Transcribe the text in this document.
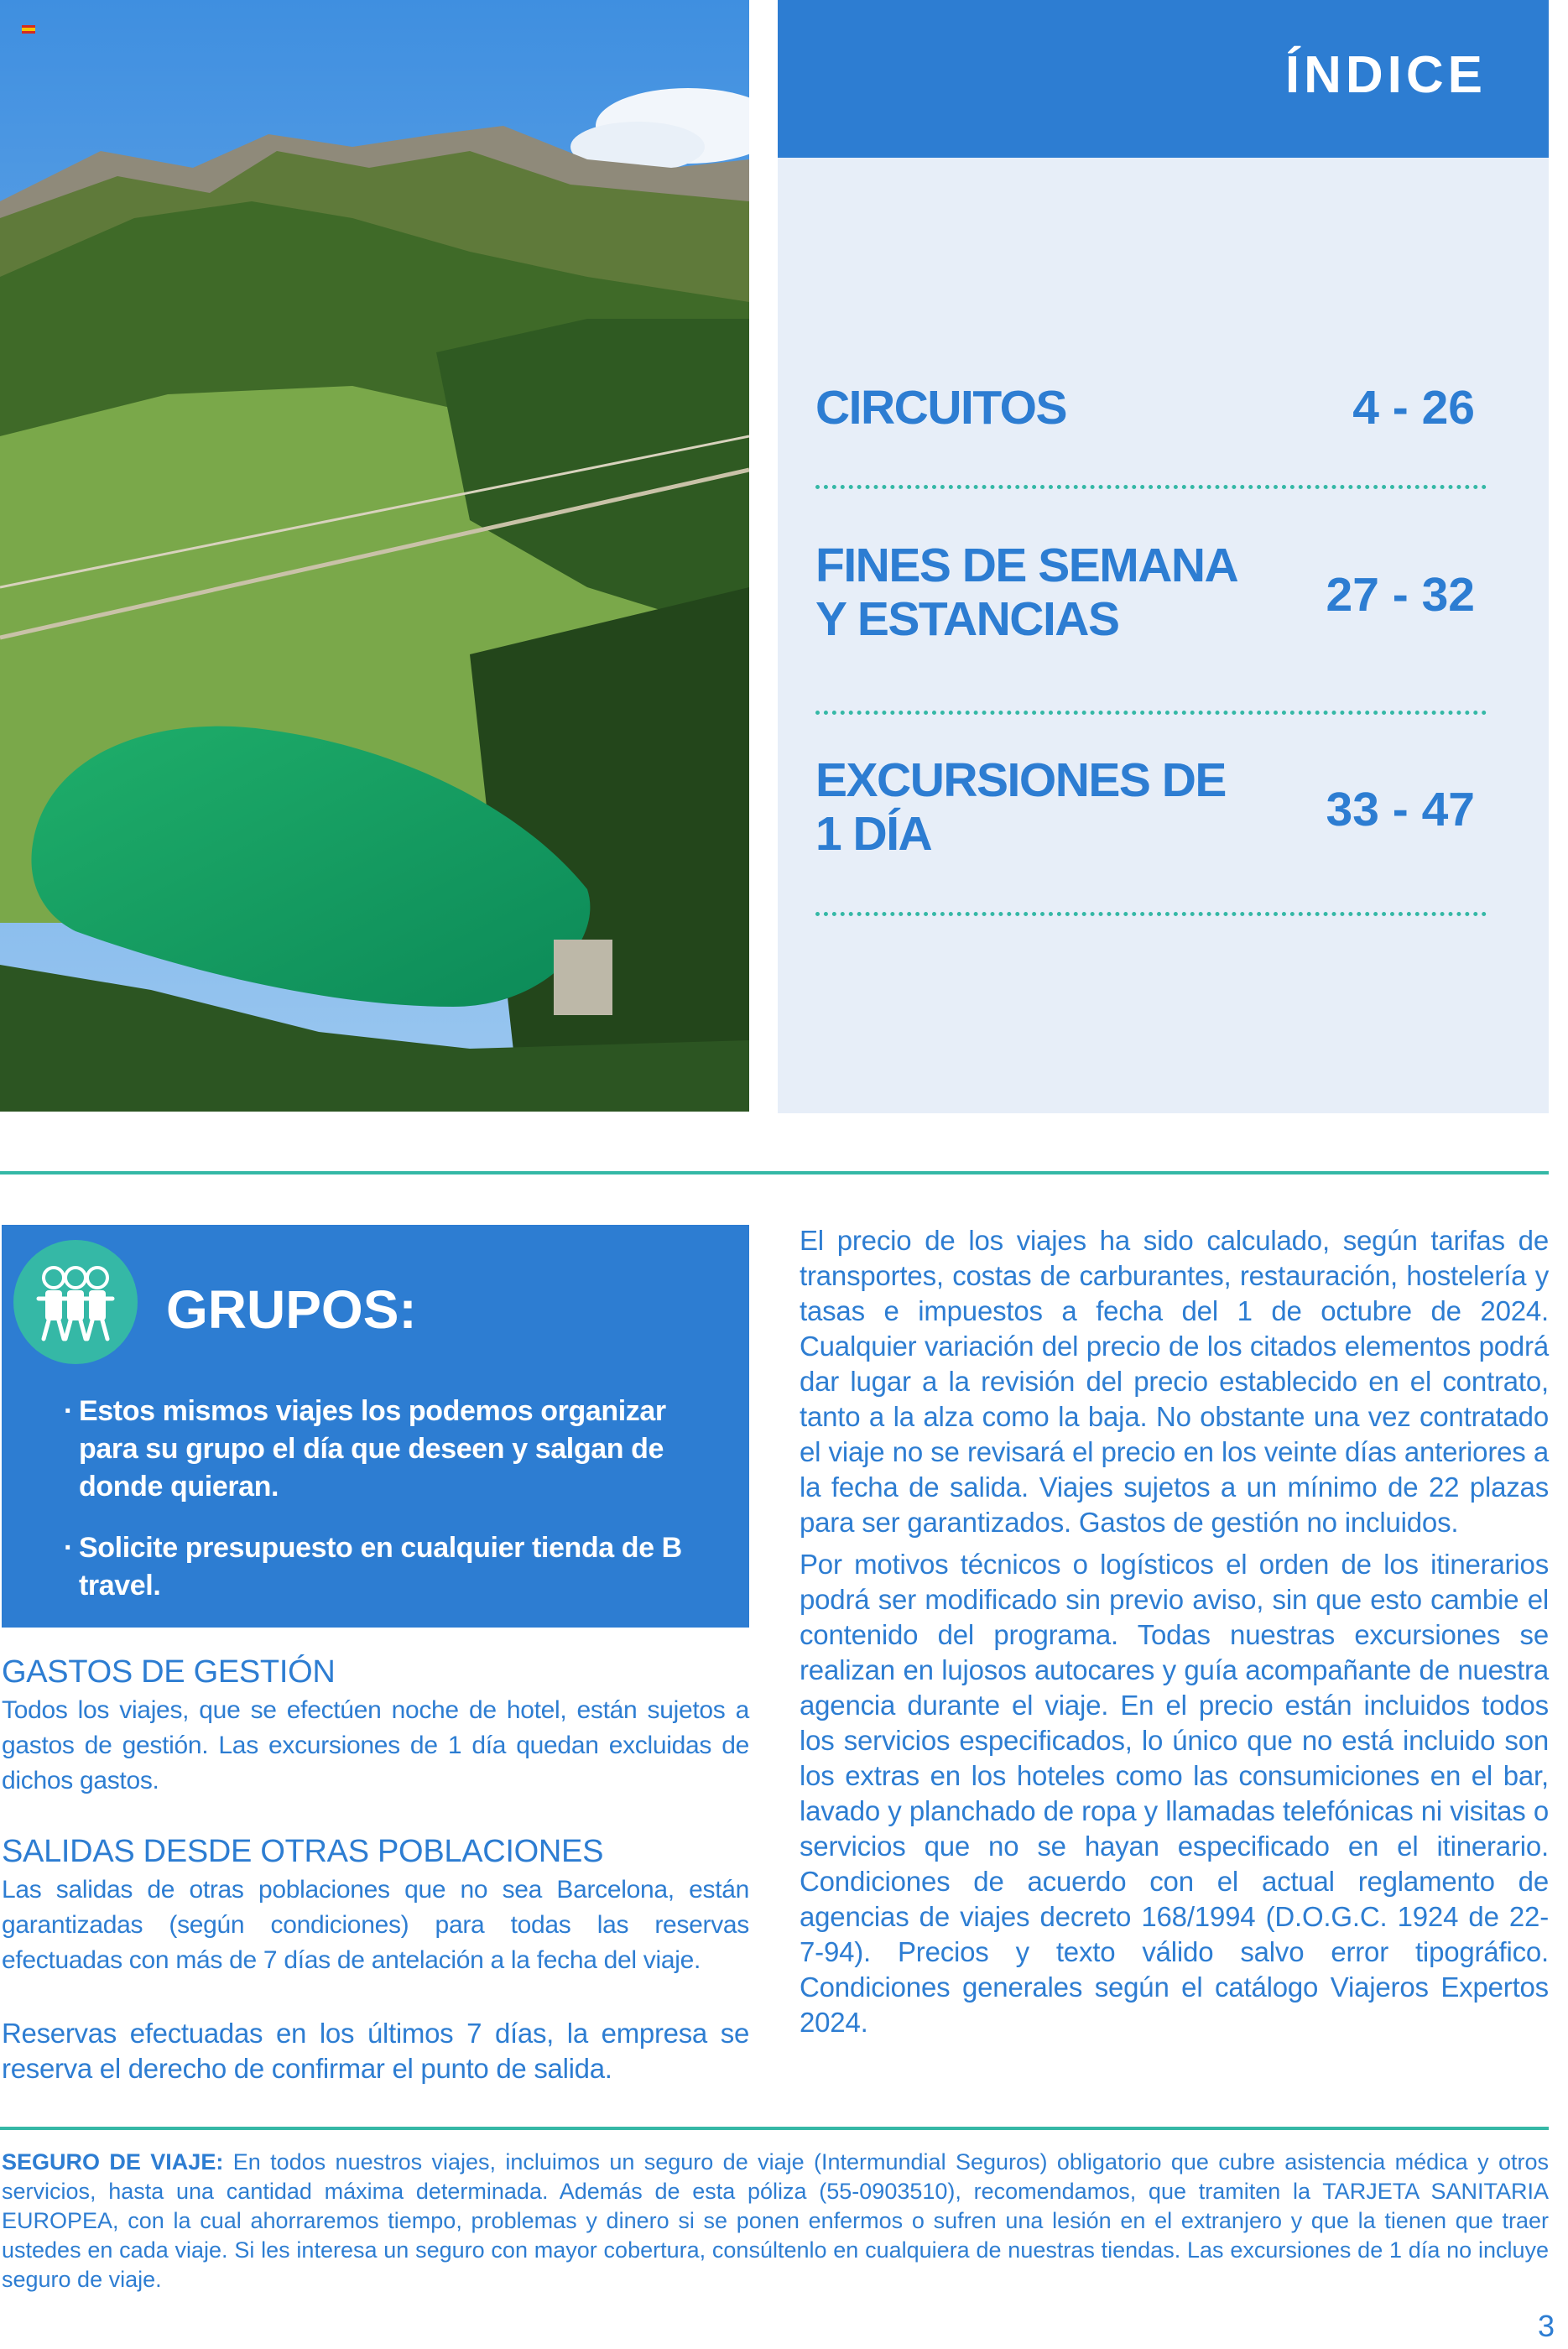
ÍNDICE
CIRCUITOS	4 - 26
FINES DE SEMANA
Y ESTANCIAS	27 - 32
EXCURSIONES DE
1 DÍA	33 - 47
GRUPOS:
· Estos mismos viajes los podemos organizar para su grupo el día que deseen y salgan de donde quieran.
· Solicite presupuesto en cualquier tienda de B travel.
GASTOS DE GESTIÓN
Todos los viajes, que se efectúen noche de hotel, están sujetos a gastos de gestión. Las excursiones de 1 día quedan excluidas de dichos gastos.
SALIDAS DESDE OTRAS POBLACIONES
Las salidas de otras poblaciones que no sea Barcelona, están garantizadas (según condiciones) para todas las reservas efectuadas con más de 7 días de antelación a la fecha del viaje.
Reservas efectuadas en los últimos 7 días, la empresa se reserva el derecho de confirmar el punto de salida.

El precio de los viajes ha sido calculado, según tarifas de transportes, costas de carburantes, restauración, hostelería y tasas e impuestos a fecha del 1 de octubre de 2024. Cualquier variación del precio de los citados elementos podrá dar lugar a la revisión del precio establecido en el contrato, tanto a la alza como la baja. No obstante una vez contratado el viaje no se revisará el precio en los veinte días anteriores a la fecha de salida. Viajes sujetos a un mínimo de 22 plazas para ser garantizados. Gastos de gestión no incluidos.

Por motivos técnicos o logísticos el orden de los itinerarios podrá ser modificado sin previo aviso, sin que esto cambie el contenido del programa. Todas nuestras excursiones se realizan en lujosos autocares y guía acompañante de nuestra agencia durante el viaje. En el precio están incluidos todos los servicios especificados, lo único que no está incluido son los extras en los hoteles como las consumiciones en el bar, lavado y planchado de ropa y llamadas telefónicas ni visitas o servicios que no se hayan especificado en el itinerario. Condiciones de acuerdo con el actual reglamento de agencias de viajes decreto 168/1994 (D.O.G.C. 1924 de 22-7-94). Precios y texto válido salvo error tipográfico. Condiciones generales según el catálogo Viajeros Expertos 2024.

SEGURO DE VIAJE: En todos nuestros viajes, incluimos un seguro de viaje (Intermundial Seguros) obligatorio que cubre asistencia médica y otros servicios, hasta una cantidad máxima determinada. Además de esta póliza (55-0903510), recomendamos, que tramiten la TARJETA SANITARIA EUROPEA, con la cual ahorraremos tiempo, problemas y dinero si se ponen enfermos o sufren una lesión en el extranjero y que la tienen que traer ustedes en cada viaje. Si les interesa un seguro con mayor cobertura, consúltenlo en cualquiera de nuestras tiendas. Las excursiones de 1 día no incluye seguro de viaje.
3
